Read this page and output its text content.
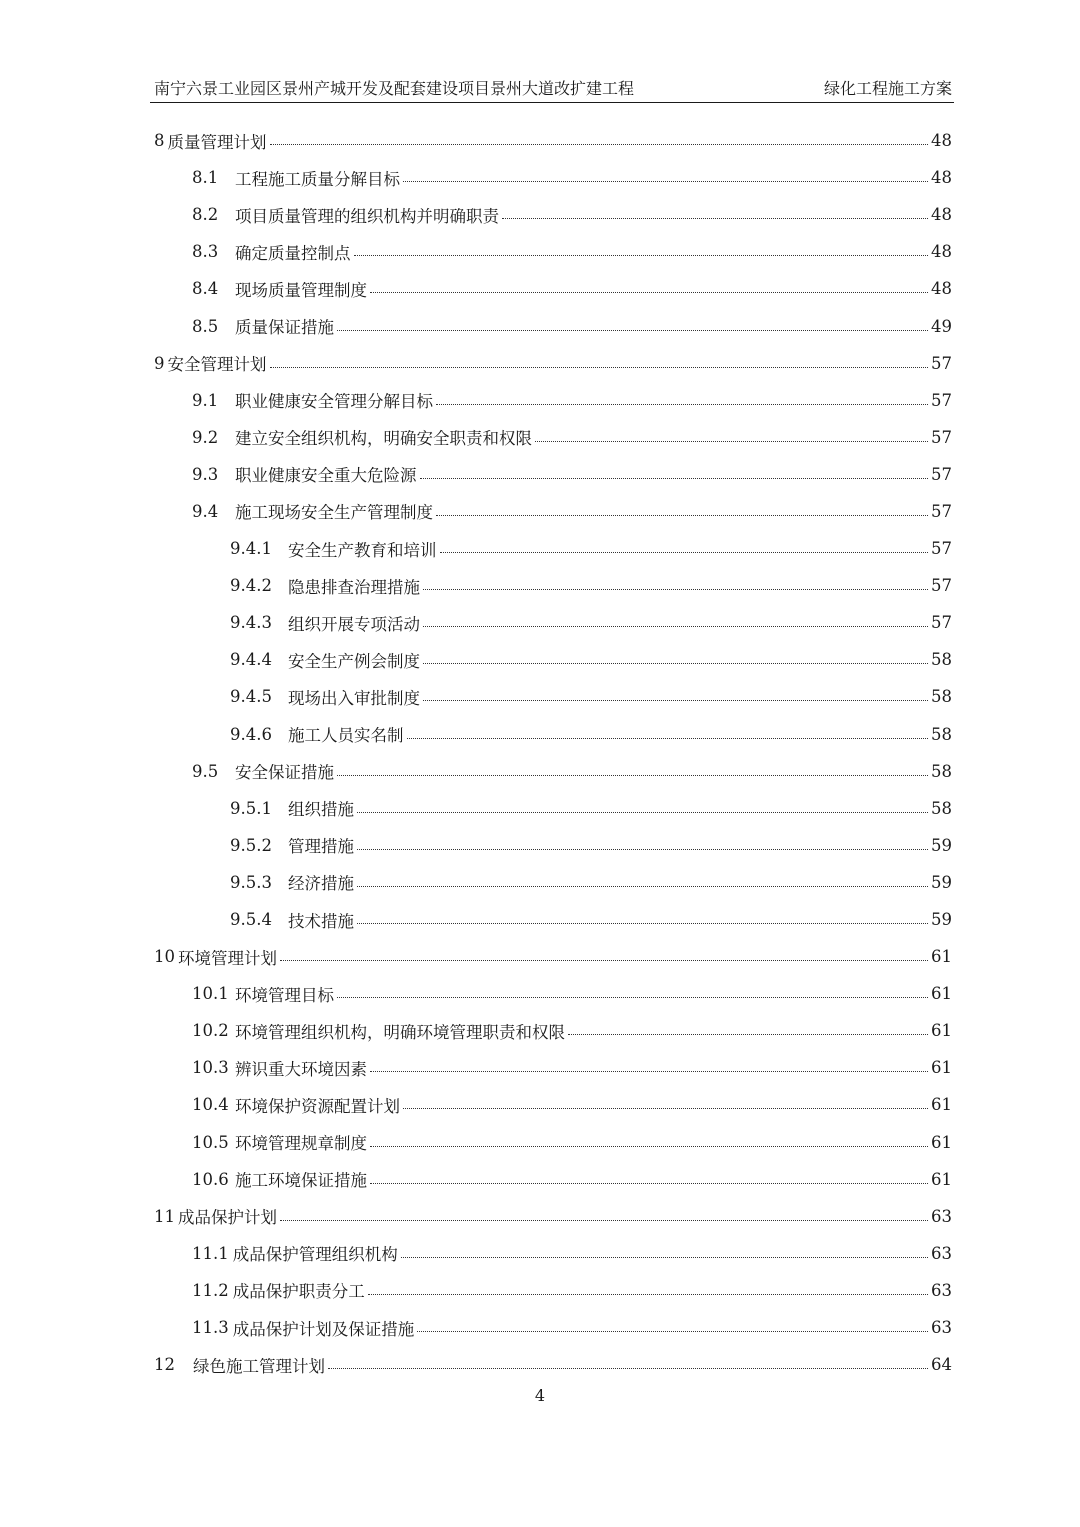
南宁六景工业园区景州产城开发及配套建设项目景州大道改扩建工程	绿化工程施工方案
8 质量管理计划	48
8.1	工程施工质量分解目标	48
8.2	项目质量管理的组织机构并明确职责	48
8.3	确定质量控制点	48
8.4	现场质量管理制度	48
8.5	质量保证措施	49
9 安全管理计划	57
9.1	职业健康安全管理分解目标	57
9.2	建立安全组织机构，明确安全职责和权限	57
9.3	职业健康安全重大危险源	57
9.4	施工现场安全生产管理制度	57
9.4.1 安全生产教育和培训	57
9.4.2 隐患排查治理措施	57
9.4.3 组织开展专项活动	57
9.4.4 安全生产例会制度	58
9.4.5 现场出入审批制度	58
9.4.6 施工人员实名制	58
9.5	安全保证措施	58
9.5.1 组织措施	58
9.5.2 管理措施	59
9.5.3 经济措施	59
9.5.4 技术措施	59
10 环境管理计划	61
10.1 环境管理目标	61
10.2 环境管理组织机构，明确环境管理职责和权限	61
10.3 辨识重大环境因素	61
10.4 环境保护资源配置计划	61
10.5 环境管理规章制度	61
10.6 施工环境保证措施	61
11 成品保护计划	63
11.1 成品保护管理组织机构	63
11.2 成品保护职责分工	63
11.3 成品保护计划及保证措施	63
12 绿色施工管理计划	64
4
